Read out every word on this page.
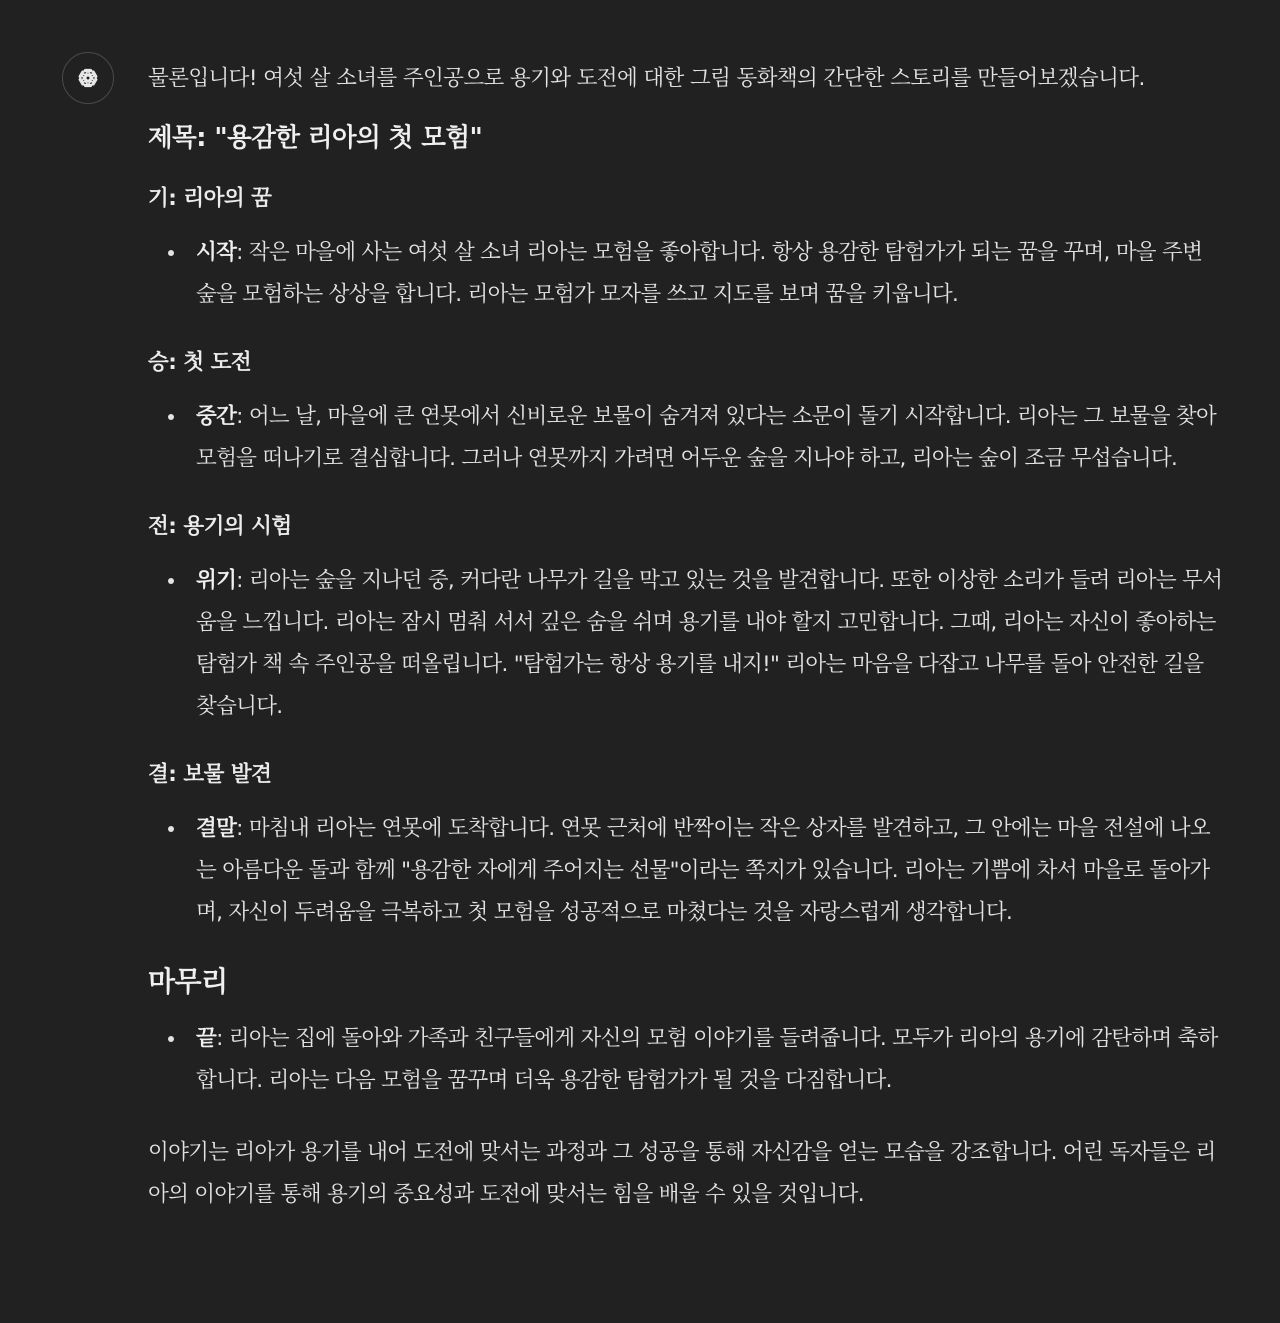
물론입니다! 여섯 살 소녀를 주인공으로 용기와 도전에 대한 그림 동화책의 간단한 스토리를 만들어보겠습니다.

제목: "용감한 리아의 첫 모험"
기: 리아의 꿈
시작: 작은 마을에 사는 여섯 살 소녀 리아는 모험을 좋아합니다. 항상 용감한 탐험가가 되는 꿈을 꾸며, 마을 주변 숲을 모험하는 상상을 합니다. 리아는 모험가 모자를 쓰고 지도를 보며 꿈을 키웁니다.
승: 첫 도전
중간: 어느 날, 마을에 큰 연못에서 신비로운 보물이 숨겨져 있다는 소문이 돌기 시작합니다. 리아는 그 보물을 찾아 모험을 떠나기로 결심합니다. 그러나 연못까지 가려면 어두운 숲을 지나야 하고, 리아는 숲이 조금 무섭습니다.
전: 용기의 시험
위기: 리아는 숲을 지나던 중, 커다란 나무가 길을 막고 있는 것을 발견합니다. 또한 이상한 소리가 들려 리아는 무서움을 느낍니다. 리아는 잠시 멈춰 서서 깊은 숨을 쉬며 용기를 내야 할지 고민합니다. 그때, 리아는 자신이 좋아하는 탐험가 책 속 주인공을 떠올립니다. "탐험가는 항상 용기를 내지!" 리아는 마음을 다잡고 나무를 돌아 안전한 길을 찾습니다.
결: 보물 발견
결말: 마침내 리아는 연못에 도착합니다. 연못 근처에 반짝이는 작은 상자를 발견하고, 그 안에는 마을 전설에 나오는 아름다운 돌과 함께 "용감한 자에게 주어지는 선물"이라는 쪽지가 있습니다. 리아는 기쁨에 차서 마을로 돌아가며, 자신이 두려움을 극복하고 첫 모험을 성공적으로 마쳤다는 것을 자랑스럽게 생각합니다.
마무리
끝: 리아는 집에 돌아와 가족과 친구들에게 자신의 모험 이야기를 들려줍니다. 모두가 리아의 용기에 감탄하며 축하합니다. 리아는 다음 모험을 꿈꾸며 더욱 용감한 탐험가가 될 것을 다짐합니다.

이야기는 리아가 용기를 내어 도전에 맞서는 과정과 그 성공을 통해 자신감을 얻는 모습을 강조합니다. 어린 독자들은 리아의 이야기를 통해 용기의 중요성과 도전에 맞서는 힘을 배울 수 있을 것입니다.
